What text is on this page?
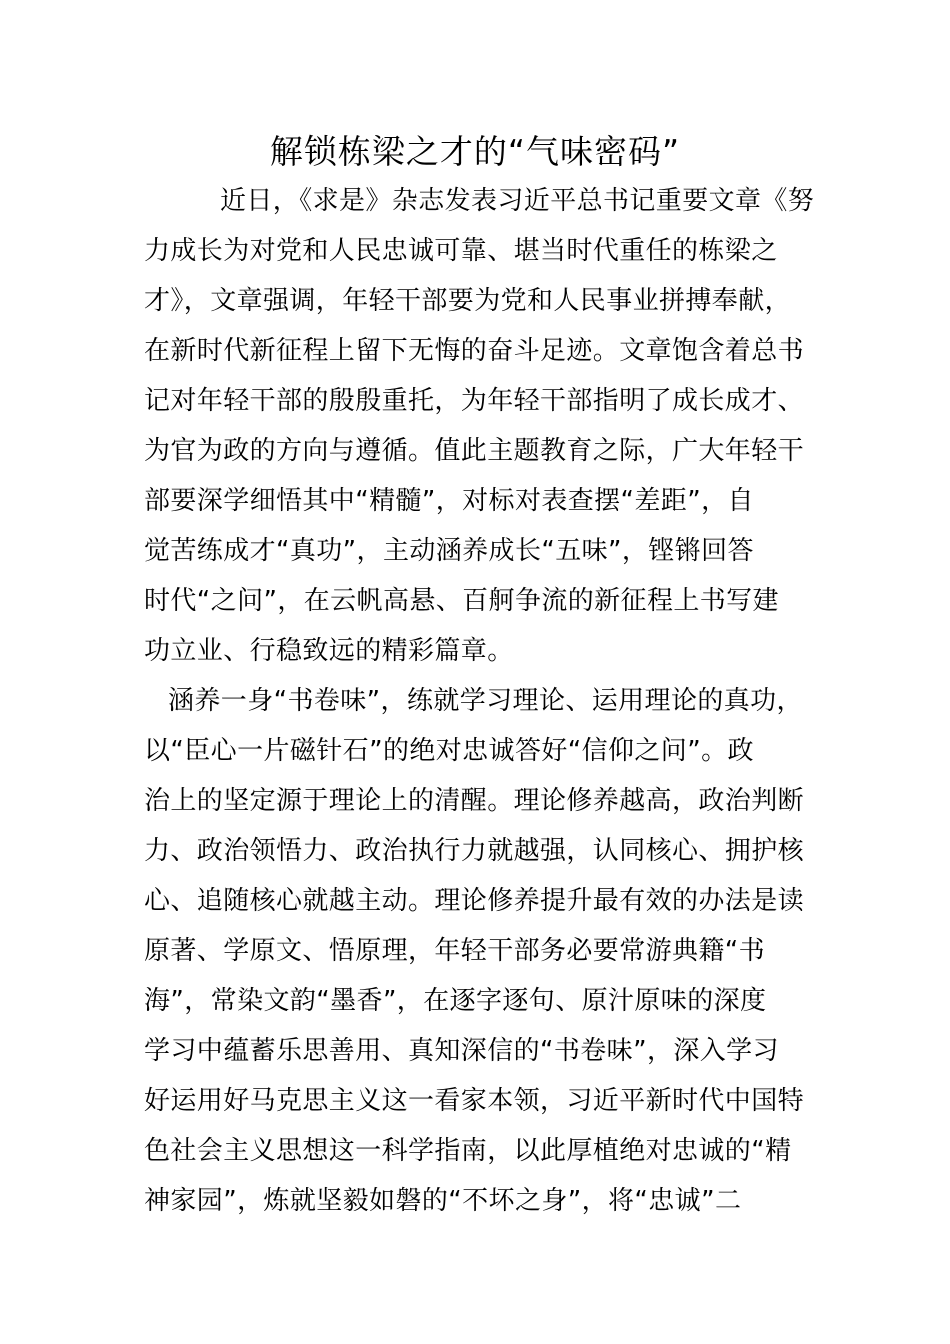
解锁栋梁之才的“气味密码”
近日，《求是》杂志发表习近平总书记重要文章《努
力成长为对党和人民忠诚可靠、堪当时代重任的栋梁之
才》，文章强调，年轻干部要为党和人民事业拼搏奉献，
在新时代新征程上留下无悔的奋斗足迹。文章饱含着总书
记对年轻干部的殷殷重托，为年轻干部指明了成长成才、
为官为政的方向与遵循。值此主题教育之际，广大年轻干
部要深学细悟其中“精髓”，对标对表查摆“差距”，自
觉苦练成才“真功”，主动涵养成长“五味”，铿锵回答
时代“之问”，在云帆高悬、百舸争流的新征程上书写建
功立业、行稳致远的精彩篇章。
涵养一身“书卷味”，练就学习理论、运用理论的真功，
以“臣心一片磁针石”的绝对忠诚答好“信仰之问”。政
治上的坚定源于理论上的清醒。理论修养越高，政治判断
力、政治领悟力、政治执行力就越强，认同核心、拥护核
心、追随核心就越主动。理论修养提升最有效的办法是读
原著、学原文、悟原理，年轻干部务必要常游典籍“书
海”，常染文韵“墨香”，在逐字逐句、原汁原味的深度
学习中蕴蓄乐思善用、真知深信的“书卷味”，深入学习
好运用好马克思主义这一看家本领，习近平新时代中国特
色社会主义思想这一科学指南，以此厚植绝对忠诚的“精
神家园”，炼就坚毅如磐的“不坏之身”，将“忠诚”二
